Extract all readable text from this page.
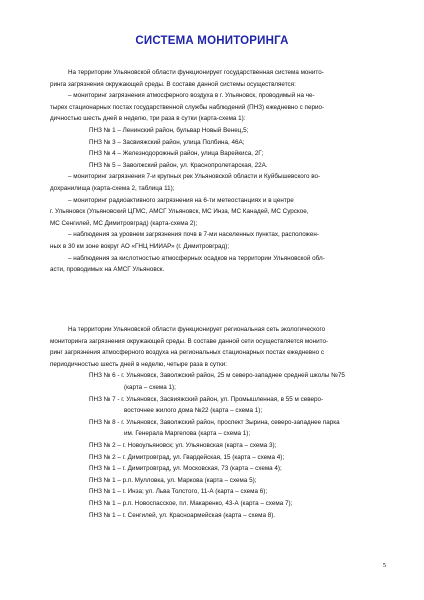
СИСТЕМА МОНИТОРИНГА
На территории Ульяновской области функционирует государственная система монито-
ринга загрязнения окружающей среды. В составе данной системы осуществляется:
– мониторинг загрязнения атмосферного воздуха в г. Ульяновск, проводимый на че-
тырех стационарных постах государственной службы наблюдений (ПНЗ) ежедневно с перио-
дичностью шесть дней в неделю, три раза в сутки (карта-схема 1):
ПНЗ № 1 – Ленинский район, бульвар Новый Венец,5;
ПНЗ № 3 – Засвияжский район, улица Полбина, 46А;
ПНЗ № 4 – Железнодорожный район, улица Варейкиса, 2Г;
ПНЗ № 5 – Заволжский район, ул. Краснопролетарская, 22А.
– мониторинг загрязнения 7-и крупных рек Ульяновской области и Куйбышевского во-
дохранилища (карта-схема 2, таблица 11);
– мониторинг радиоактивного загрязнения на 6-ти метеостанциях и в центре
г. Ульяновск (Ульяновский ЦГМС, АМСГ Ульяновск, МС Инза, МС Канадей, МС Сурское,
МС Сенгилей, МС Димитровград) (карта-схема 2);
– наблюдения за уровнем загрязнения почв в 7-ми населенных пунктах, расположен-
ных в 30 км зоне вокруг АО «ГНЦ НИИАР» (г. Димитровград);
– наблюдения за кислотностью атмосферных осадков на территории Ульяновской обл-
асти, проводимых на АМСГ Ульяновск.
На территории Ульяновской области функционирует региональная сеть экологического
мониторинга загрязнения окружающей среды. В составе данной сети осуществляется монито-
ринг загрязнения атмосферного воздуха на региональных стационарных постах ежедневно с
периодичностью шесть дней в неделю, четыре раза в сутки:
ПНЗ № 6 - г. Ульяновск, Заволжский район, 25 м северо-западнее средней школы №75
(карта – схема 1);
ПНЗ № 7 - г. Ульяновск, Засвияжский район, ул. Промышленная, в 55 м северо-
восточнее жилого дома №22 (карта – схема 1);
ПНЗ № 8 - г. Ульяновск, Заволжский район, проспект Зырина, северо-западнее парка
им. Генерала Маргелова (карта – схема 1);
ПНЗ № 2 – г. Новоульяновск; ул. Ульяновская (карта – схема 3);
ПНЗ № 2 – г. Димитровград, ул. Гвардейская, 15 (карта – схема 4);
ПНЗ № 1 – г. Димитровград, ул. Московская, 73 (карта – схема 4);
ПНЗ № 1 – р.п. Мулловка, ул. Маркова (карта – схема 5);
ПНЗ № 1 – г. Инза; ул. Льва Толстого, 11-А (карта – схема 6);
ПНЗ № 1 – р.п. Новоспасское, пл. Макаренко, 43-А (карта – схема 7);
ПНЗ № 1 – г. Сенгилей, ул. Красноармейская (карта – схема 8).
5
